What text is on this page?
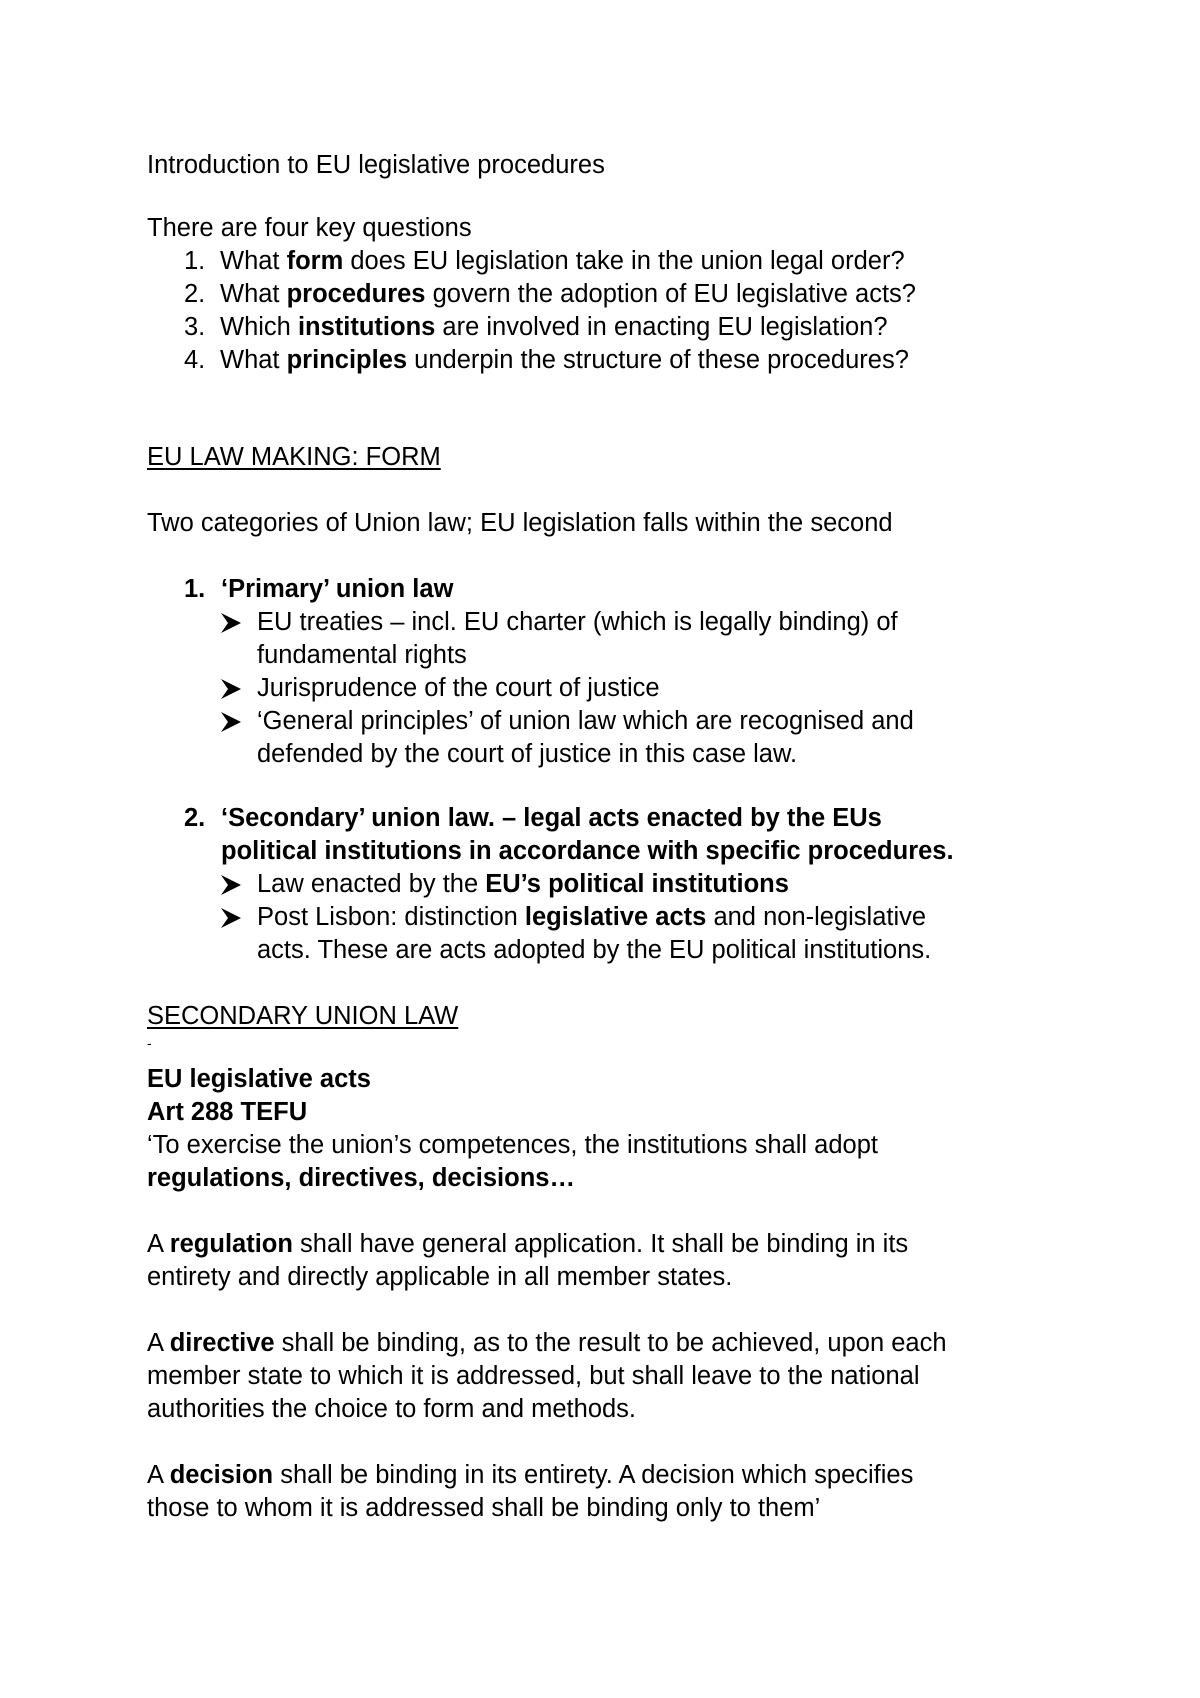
Introduction to EU legislative procedures
There are four key questions
1. What form does EU legislation take in the union legal order?
2. What procedures govern the adoption of EU legislative acts?
3. Which institutions are involved in enacting EU legislation?
4. What principles underpin the structure of these procedures?
EU LAW MAKING: FORM
Two categories of Union law; EU legislation falls within the second
1. ‘Primary’ union law
EU treaties – incl. EU charter (which is legally binding) of
fundamental rights
Jurisprudence of the court of justice
‘General principles’ of union law which are recognised and
defended by the court of justice in this case law.
2. ‘Secondary’ union law. – legal acts enacted by the EUs
political institutions in accordance with specific procedures.
Law enacted by the EU’s political institutions
Post Lisbon: distinction legislative acts and non-legislative
acts. These are acts adopted by the EU political institutions.
SECONDARY UNION LAW
-
EU legislative acts
Art 288 TEFU
‘To exercise the union’s competences, the institutions shall adopt
regulations, directives, decisions…
A regulation shall have general application. It shall be binding in its
entirety and directly applicable in all member states.
A directive shall be binding, as to the result to be achieved, upon each
member state to which it is addressed, but shall leave to the national
authorities the choice to form and methods.
A decision shall be binding in its entirety. A decision which specifies
those to whom it is addressed shall be binding only to them’
